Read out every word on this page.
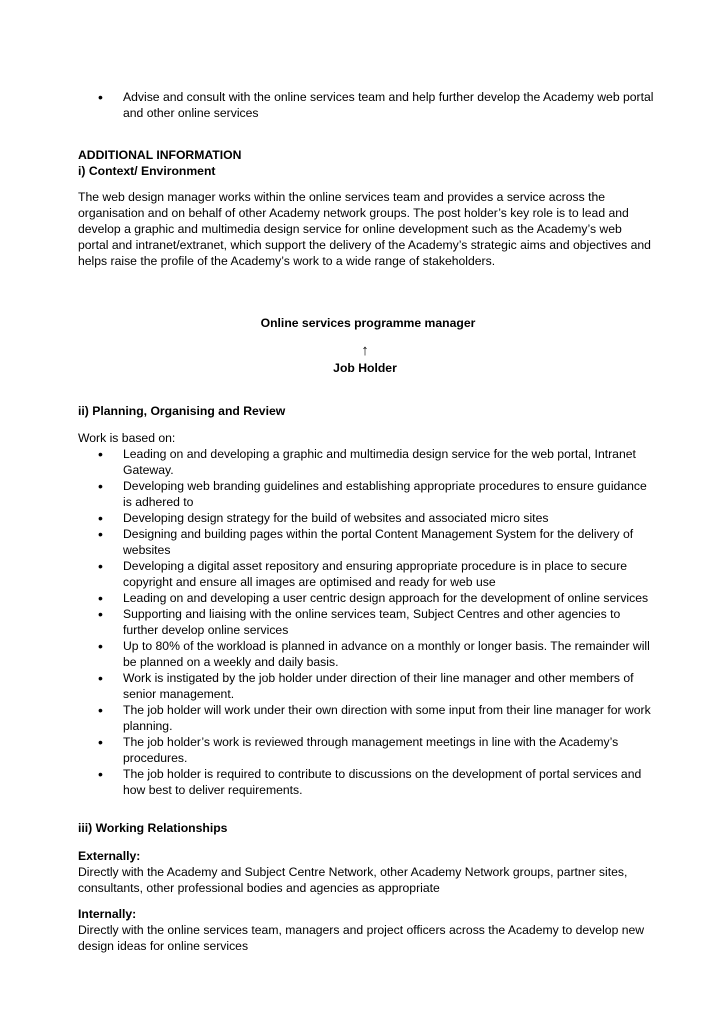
• Advise and consult with the online services team and help further develop the Academy web portal and other online services

ADDITIONAL INFORMATION

i) Context/ Environment

The web design manager works within the online services team and provides a service across the organisation and on behalf of other Academy network groups. The post holder’s key role is to lead and develop a graphic and multimedia design service for online development such as the Academy’s web portal and intranet/extranet, which support the delivery of the Academy’s strategic aims and objectives and helps raise the profile of the Academy’s work to a wide range of stakeholders.

Online services programme manager

↑

Job Holder

ii) Planning, Organising and Review

Work is based on:

• Leading on and developing a graphic and multimedia design service for the web portal, Intranet Gateway.
• Developing web branding guidelines and establishing appropriate procedures to ensure guidance is adhered to
• Developing design strategy for the build of websites and associated micro sites
• Designing and building pages within the portal Content Management System for the delivery of websites
• Developing a digital asset repository and ensuring appropriate procedure is in place to secure copyright and ensure all images are optimised and ready for web use
• Leading on and developing a user centric design approach for the development of online services
• Supporting and liaising with the online services team, Subject Centres and other agencies to further develop online services
• Up to 80% of the workload is planned in advance on a monthly or longer basis. The remainder will be planned on a weekly and daily basis.
• Work is instigated by the job holder under direction of their line manager and other members of senior management.
• The job holder will work under their own direction with some input from their line manager for work planning.
• The job holder’s work is reviewed through management meetings in line with the Academy’s procedures.
• The job holder is required to contribute to discussions on the development of portal services and how best to deliver requirements.

iii) Working Relationships

Externally:

Directly with the Academy and Subject Centre Network, other Academy Network groups, partner sites, consultants, other professional bodies and agencies as appropriate

Internally:

Directly with the online services team, managers and project officers across the Academy to develop new design ideas for online services
